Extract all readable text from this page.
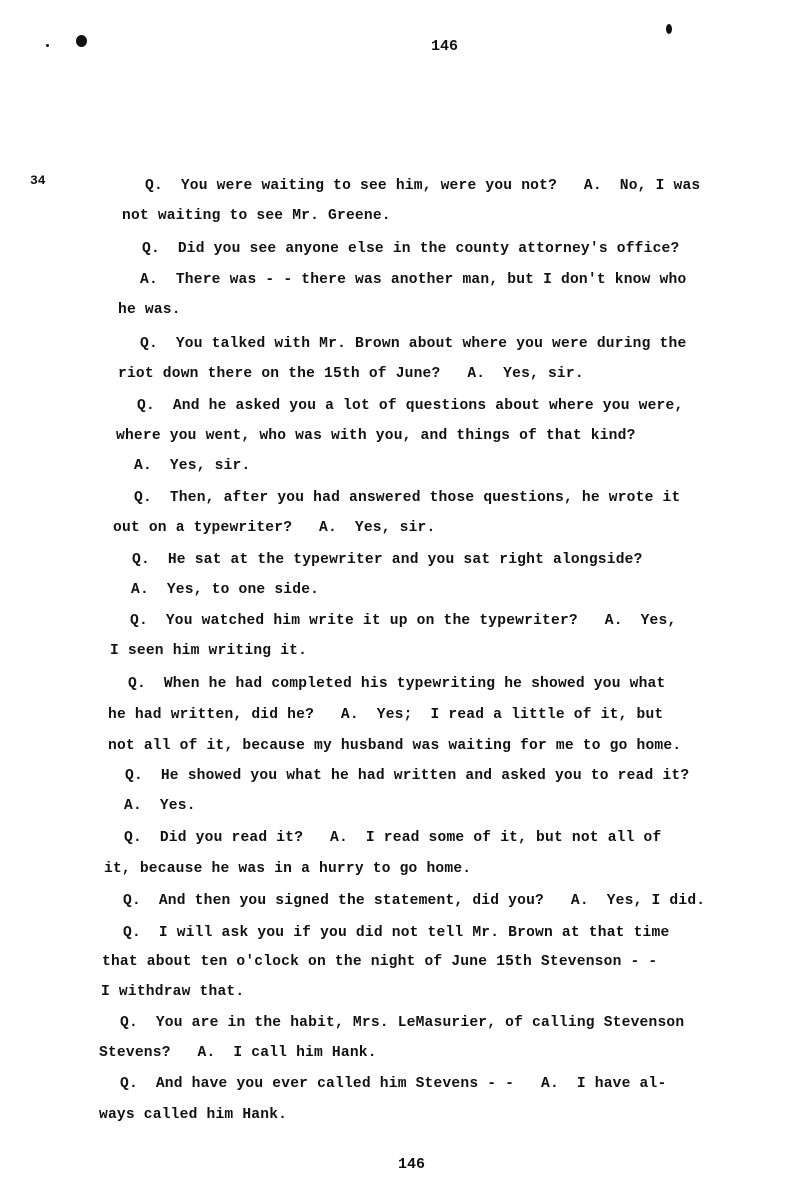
146
34	Q.  You were waiting to see him, were you not?   A.  No, I was
not waiting to see Mr. Greene.
Q.  Did you see anyone else in the county attorney's office?
A.  There was - - there was another man, but I don't know who
he was.
Q.  You talked with Mr. Brown about where you were during the
riot down there on the 15th of June?   A.  Yes, sir.
Q.  And he asked you a lot of questions about where you were,
where you went, who was with you, and things of that kind?
A.  Yes, sir.
Q.  Then, after you had answered those questions, he wrote it
out on a typewriter?   A.  Yes, sir.
Q.  He sat at the typewriter and you sat right alongside?
A.  Yes, to one side.
Q.  You watched him write it up on the typewriter?   A.  Yes,
I seen him writing it.
Q.  When he had completed his typewriting he showed you what
he had written, did he?   A.  Yes;  I read a little of it, but
not all of it, because my husband was waiting for me to go home.
Q.  He showed you what he had written and asked you to read it?
A.  Yes.
Q.  Did you read it?   A.  I read some of it, but not all of
it, because he was in a hurry to go home.
Q.  And then you signed the statement, did you?   A.  Yes, I did.
Q.  I will ask you if you did not tell Mr. Brown at that time
that about ten o'clock on the night of June 15th Stevenson - -
I withdraw that.
Q.  You are in the habit, Mrs. LeMasurier, of calling Stevenson
Stevens?   A.  I call him Hank.
Q.  And have you ever called him Stevens - -   A.  I have al-
ways called him Hank.
146
